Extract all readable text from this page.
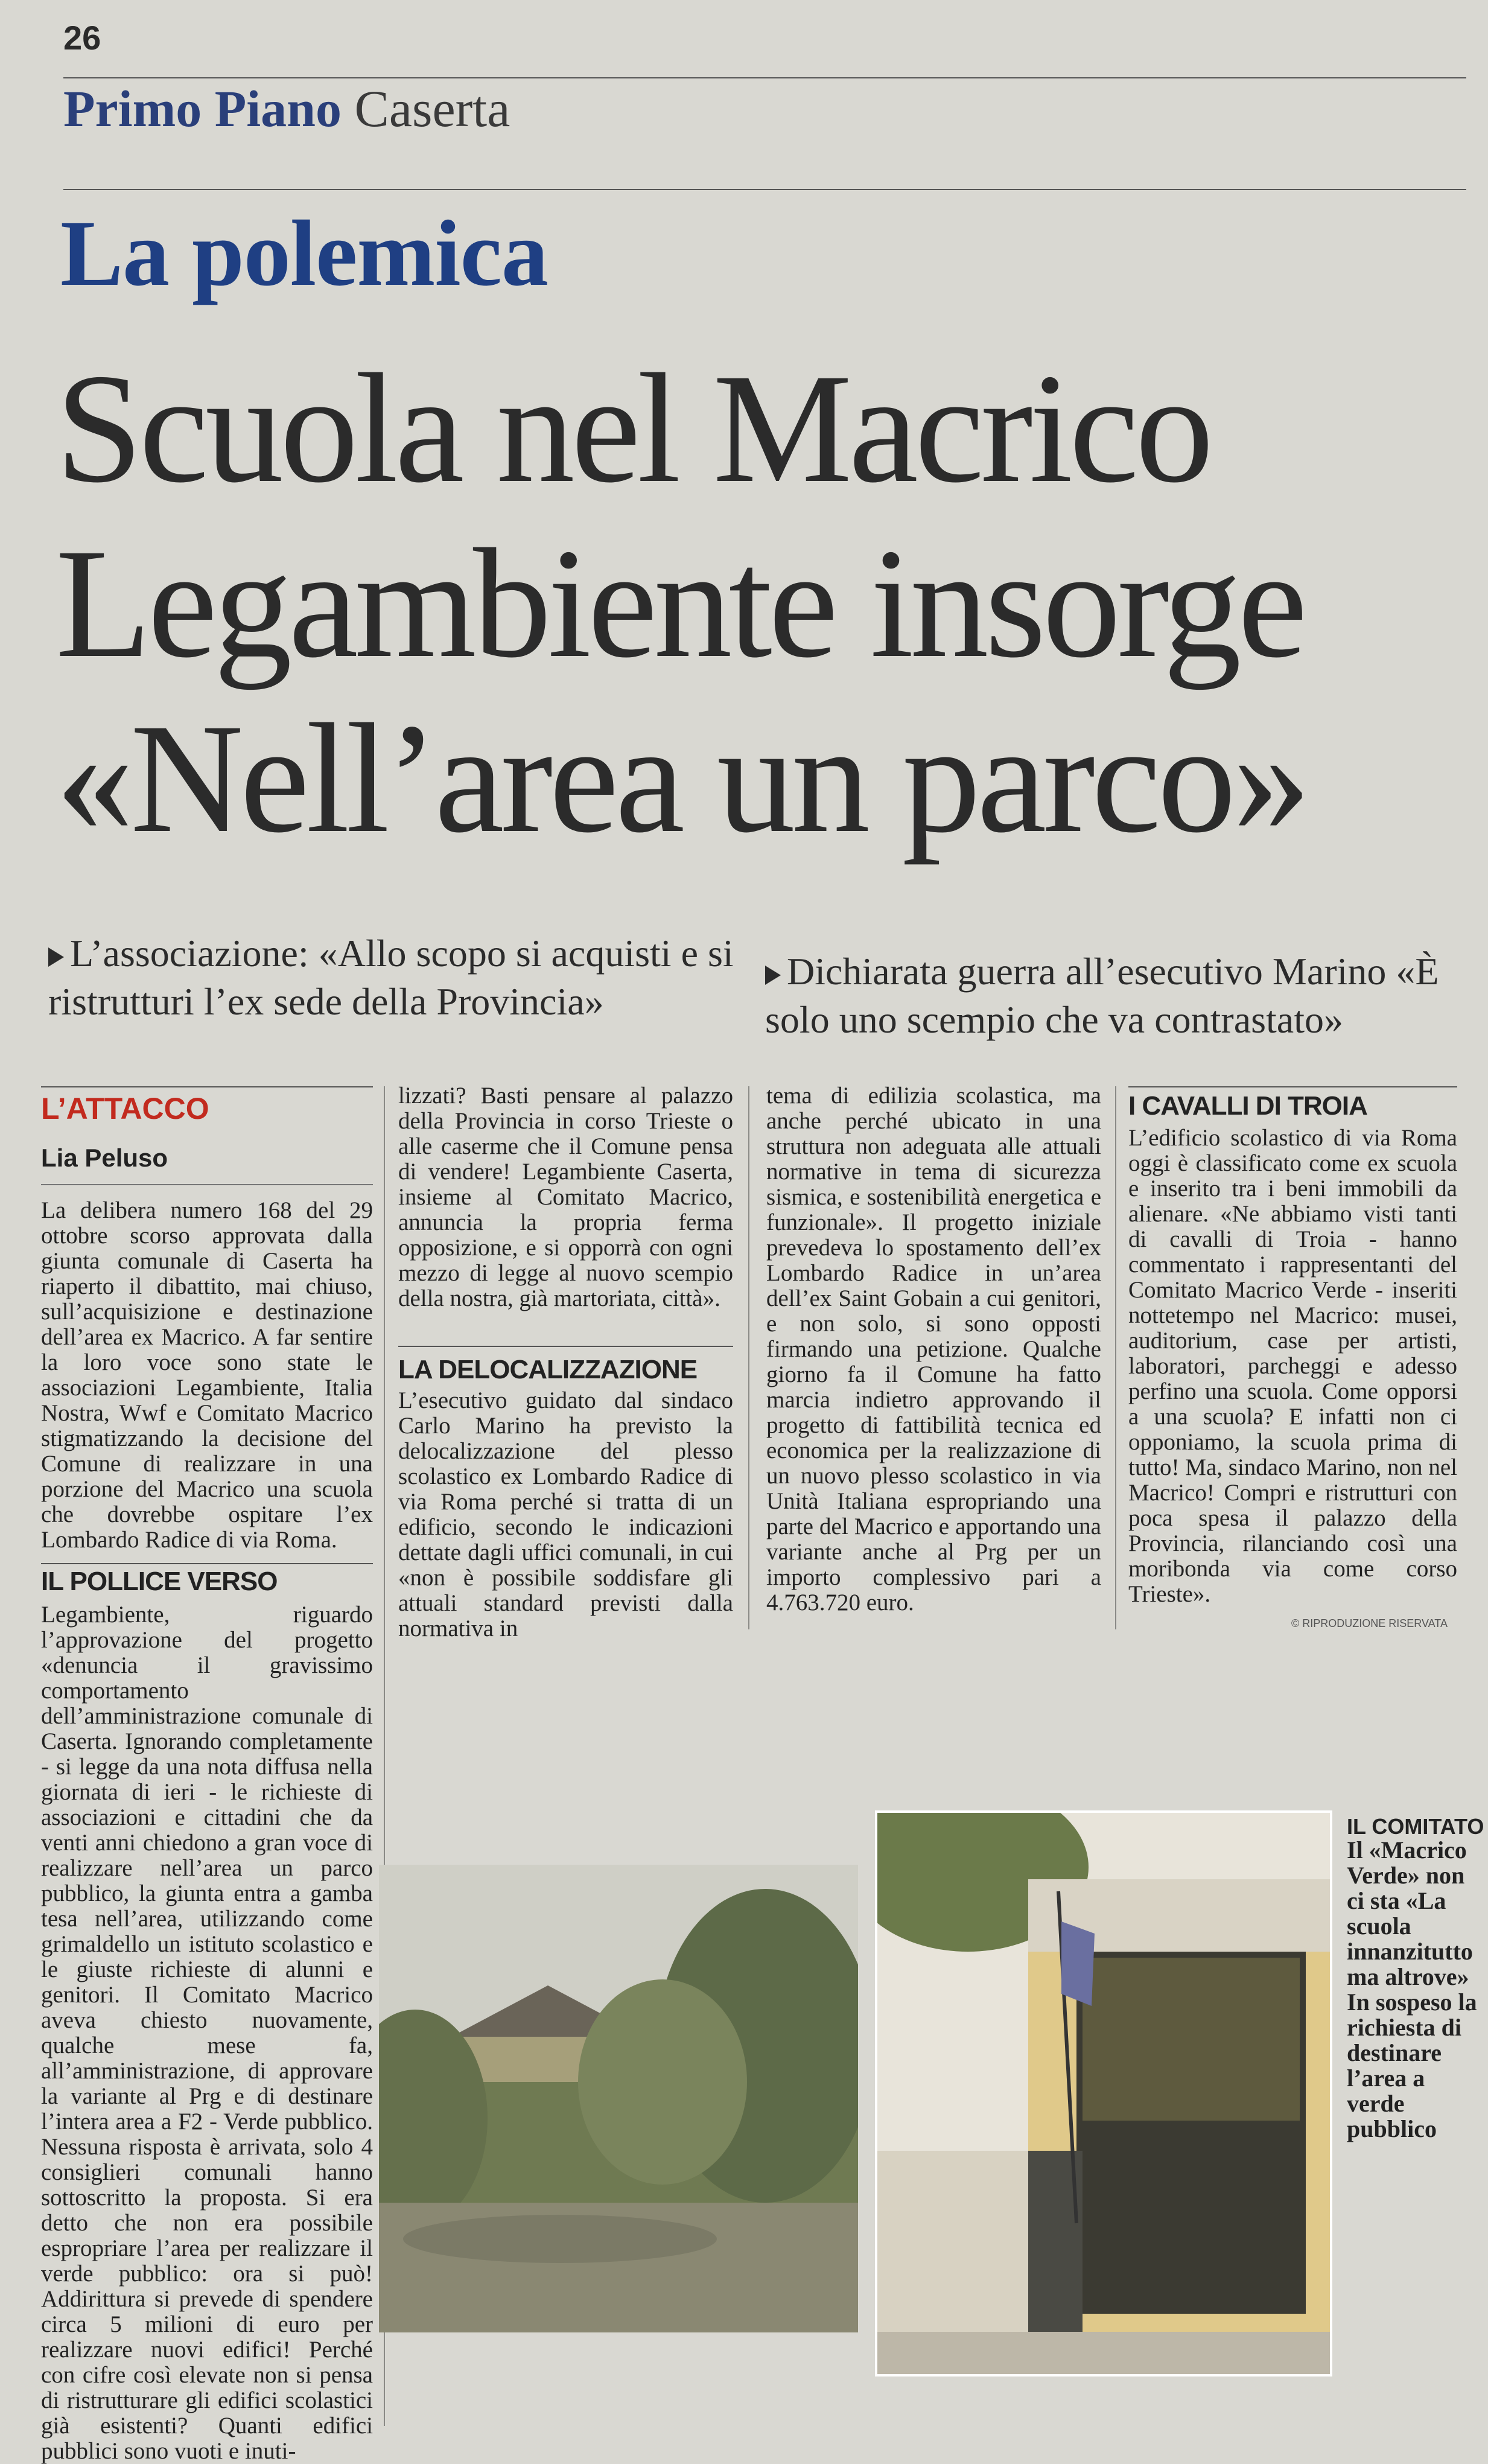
26
Primo Piano Caserta
La polemica
Scuola nel Macrico
Legambiente insorge
«Nell’area un parco»
L’associazione: «Allo scopo si acquisti e si ristrutturi l’ex sede della Provincia»
Dichiarata guerra all’esecutivo Marino «È solo uno scempio che va contrastato»
L’ATTACCO
Lia Peluso
La delibera numero 168 del 29 ottobre scorso approvata dalla giunta comunale di Caserta ha riaperto il dibattito, mai chiuso, sull’acquisizione e destinazione dell’area ex Macrico. A far sentire la loro voce sono state le associazioni Legambiente, Italia Nostra, Wwf e Comitato Macrico stigmatizzando la decisione del Comune di realizzare in una porzione del Macrico una scuola che dovrebbe ospitare l’ex Lombardo Radice di via Roma.
IL POLLICE VERSO
Legambiente, riguardo l’approvazione del progetto «denuncia il gravissimo comportamento dell’amministrazione comunale di Caserta. Ignorando completamente - si legge da una nota diffusa nella giornata di ieri - le richieste di associazioni e cittadini che da venti anni chiedono a gran voce di realizzare nell’area un parco pubblico, la giunta entra a gamba tesa nell’area, utilizzando come grimaldello un istituto scolastico e le giuste richieste di alunni e genitori. Il Comitato Macrico aveva chiesto nuovamente, qualche mese fa, all’amministrazione, di approvare la variante al Prg e di destinare l’intera area a F2 - Verde pubblico. Nessuna risposta è arrivata, solo 4 consiglieri comunali hanno sottoscritto la proposta. Si era detto che non era possibile espropriare l’area per realizzare il verde pubblico: ora si può! Addirittura si prevede di spendere circa 5 milioni di euro per realizzare nuovi edifici! Perché con cifre così elevate non si pensa di ristrutturare gli edifici scolastici già esistenti? Quanti edifici pubblici sono vuoti e inuti-
lizzati? Basti pensare al palazzo della Provincia in corso Trieste o alle caserme che il Comune pensa di vendere! Legambiente Caserta, insieme al Comitato Macrico, annuncia la propria ferma opposizione, e si opporrà con ogni mezzo di legge al nuovo scempio della nostra, già martoriata, città».
LA DELOCALIZZAZIONE
L’esecutivo guidato dal sindaco Carlo Marino ha previsto la delocalizzazione del plesso scolastico ex Lombardo Radice di via Roma perché si tratta di un edificio, secondo le indicazioni dettate dagli uffici comunali, in cui «non è possibile soddisfare gli attuali standard previsti dalla normativa in
tema di edilizia scolastica, ma anche perché ubicato in una struttura non adeguata alle attuali normative in tema di sicurezza sismica, e sostenibilità energetica e funzionale». Il progetto iniziale prevedeva lo spostamento dell’ex Lombardo Radice in un’area dell’ex Saint Gobain a cui genitori, e non solo, si sono opposti firmando una petizione. Qualche giorno fa il Comune ha fatto marcia indietro approvando il progetto di fattibilità tecnica ed economica per la realizzazione di un nuovo plesso scolastico in via Unità Italiana espropriando una parte del Macrico e apportando una variante anche al Prg per un importo complessivo pari a 4.763.720 euro.
I CAVALLI DI TROIA
L’edificio scolastico di via Roma oggi è classificato come ex scuola e inserito tra i beni immobili da alienare. «Ne abbiamo visti tanti di cavalli di Troia - hanno commentato i rappresentanti del Comitato Macrico Verde - inseriti nottetempo nel Macrico: musei, auditorium, case per artisti, laboratori, parcheggi e adesso perfino una scuola. Come opporsi a una scuola? E infatti non ci opponiamo, la scuola prima di tutto! Ma, sindaco Marino, non nel Macrico! Compri e ristrutturi con poca spesa il palazzo della Provincia, rilanciando così una moribonda via come corso Trieste».
© RIPRODUZIONE RISERVATA
IL COMITATO
Il «Macrico Verde» non ci sta «La scuola innanzitutto ma altrove» In sospeso la richiesta di destinare l’area a verde pubblico
